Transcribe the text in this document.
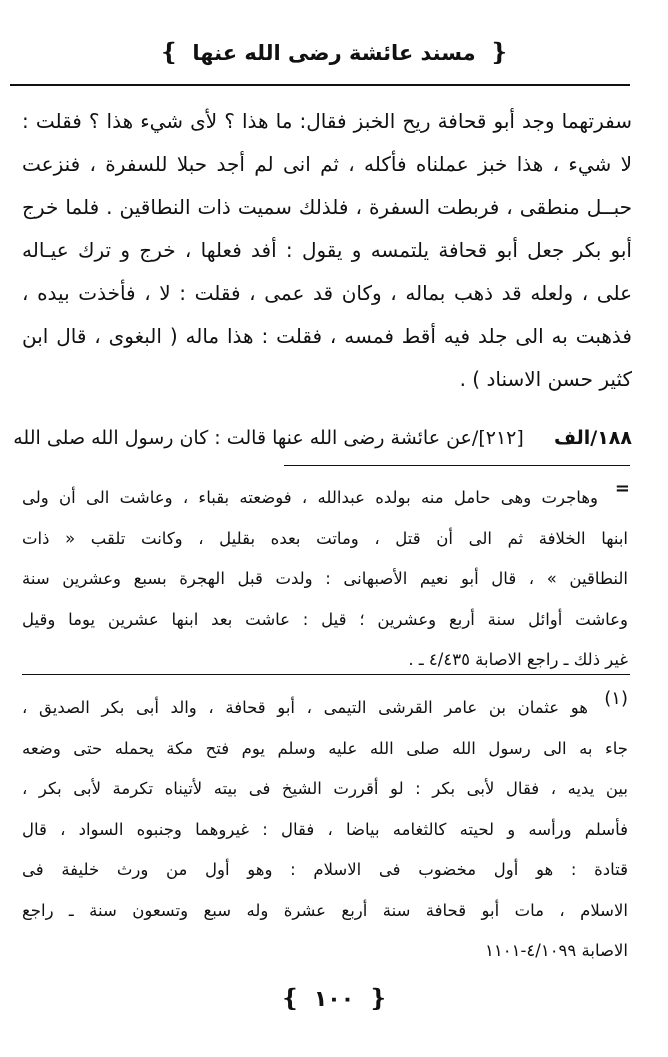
❴ مسند عائشة رضى الله عنها ❵
سفرتهما وجد أبو قحافة ريح الخبز فقال: ما هذا ؟ لأى شيء هذا ؟ فقلت :
لا شيء ، هذا خبز عملناه فأكله ، ثم انى لم أجد حبلا للسفرة ، فنزعت
حبــل منطقى ، فربطت السفرة ، فلذلك سميت ذات النطاقين . فلما خرج
أبو بكر جعل أبو قحافة يلتمسه و يقول : أفد فعلها ، خرج و ترك عيـاله
على ، ولعله قد ذهب بماله ، وكان قد عمى ، فقلت : لا ، فأخذت بيده ،
فذهبت به الى جلد فيه أقط فمسه ، فقلت : هذا ماله ( البغوى ، قال ابن
كثير حسن الاسناد ) .
١٨٨/الف     [٢١٢]/عن عائشة رضى الله عنها قالت : كان رسول الله صلى الله
=
وهاجرت وهى حامل منه بولده عبدالله ، فوضعته بقباء ، وعاشت الى أن ولى
ابنها الخلافة ثم الى أن قتل ، وماتت بعده بقليل ، وكانت تلقب « ذات
النطاقين » ، قال أبو نعيم الأصبهانى : ولدت قبل الهجرة بسبع وعشرين سنة
وعاشت أوائل سنة أربع وعشرين ؛ قيل : عاشت بعد ابنها عشرين يوما وقيل
غير ذلك ـ راجع الاصابة ٤/٤٣٥ ـ .
(١)
هو عثمان بن عامر القرشى التيمى ، أبو قحافة ، والد أبى بكر الصديق ،
جاء به الى رسول الله صلى الله عليه وسلم يوم فتح مكة يحمله حتى وضعه
بين يديه ، فقال لأبى بكر : لو أقررت الشيخ فى بيته لأتيناه تكرمة لأبى بكر ،
فأسلم ورأسه و لحيته كالثغامه بياضا ، فقال : غيروهما وجنبوه السواد ، قال
قتادة : هو أول مخضوب فى الاسلام : وهو أول من ورث خليفة فى
الاسلام ، مات أبو قحافة سنة أربع عشرة وله سبع وتسعون سنة ـ راجع
الاصابة ٤/١٠٩٩-١١٠١
❴ ١٠٠ ❵
